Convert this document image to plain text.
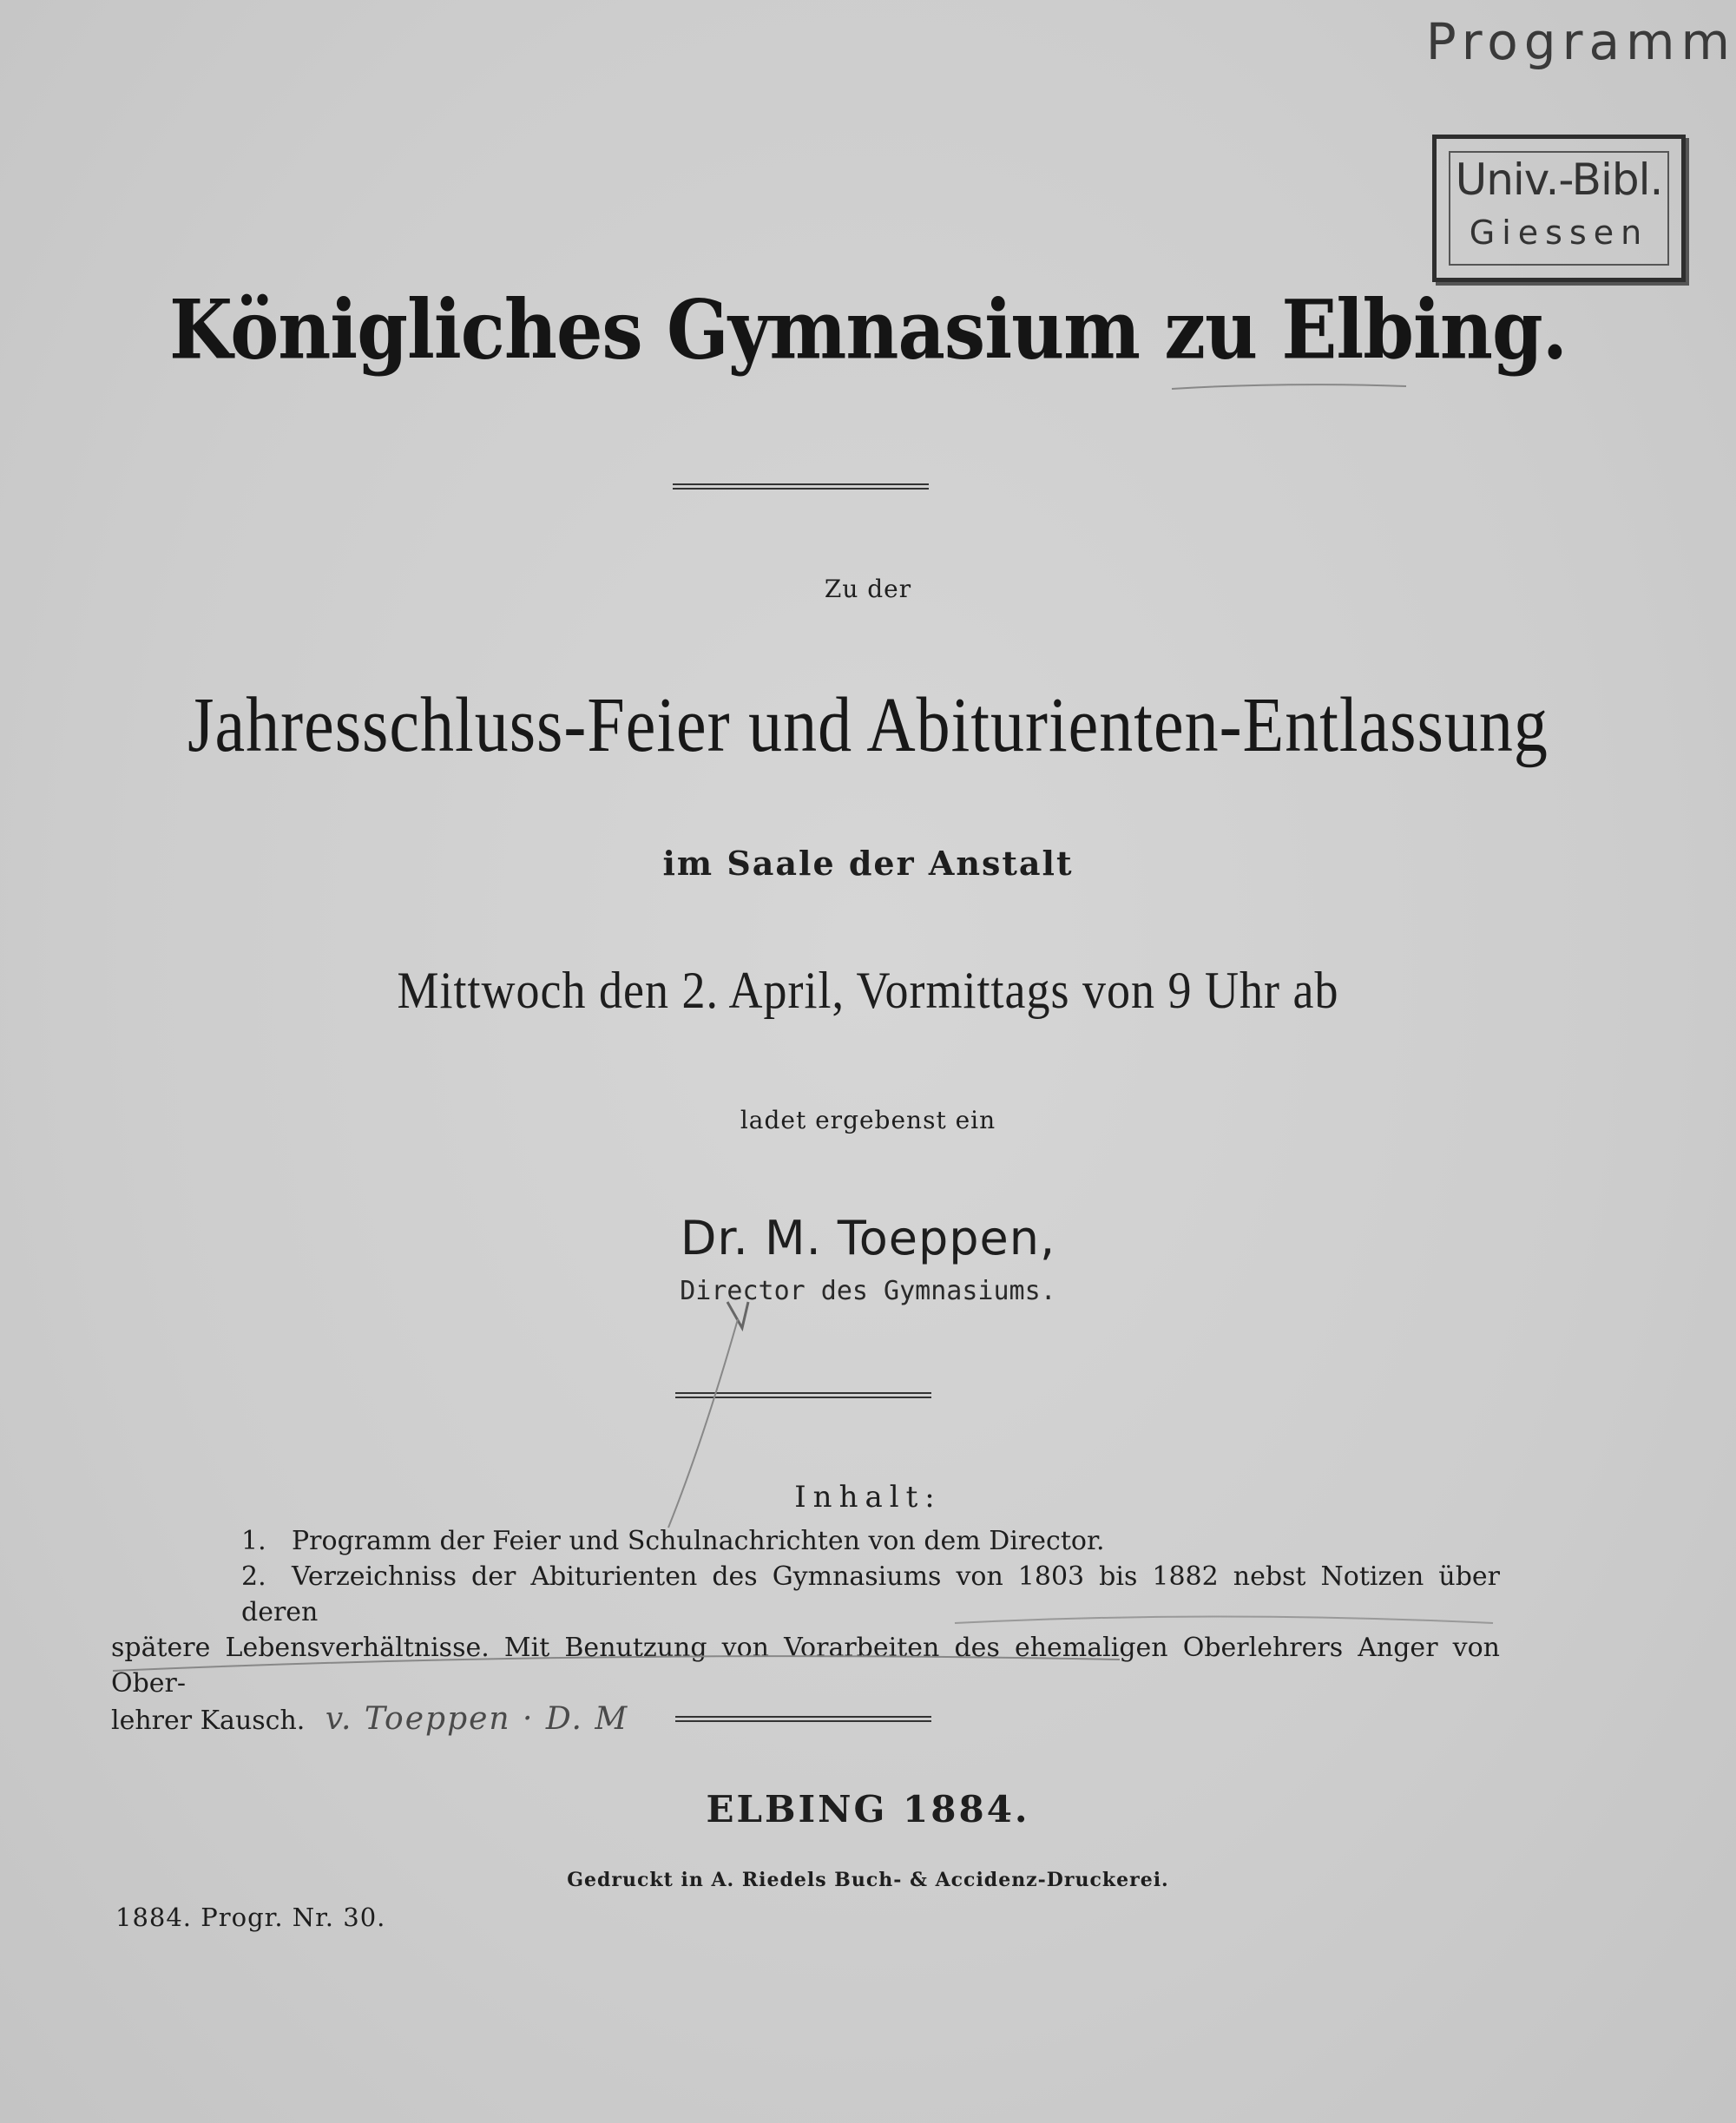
Programm
Univ.-Bibl.
Giessen
Königliches Gymnasium zu Elbing.
Zu der
Jahresschluss-Feier und Abiturienten-Entlassung
im Saale der Anstalt
Mittwoch den 2. April, Vormittags von 9 Uhr ab
ladet ergebenst ein
Dr. M. Toeppen,
Director des Gymnasiums.
Inhalt:
1. Programm der Feier und Schulnachrichten von dem Director.
2. Verzeichniss der Abiturienten des Gymnasiums von 1803 bis 1882 nebst Notizen über deren
spätere Lebensverhältnisse. Mit Benutzung von Vorarbeiten des ehemaligen Oberlehrers Anger von Ober-
lehrer Kausch. v. Toeppen · D. M
ELBING 1884.
Gedruckt in A. Riedels Buch- & Accidenz-Druckerei.
1884. Progr. Nr. 30.
